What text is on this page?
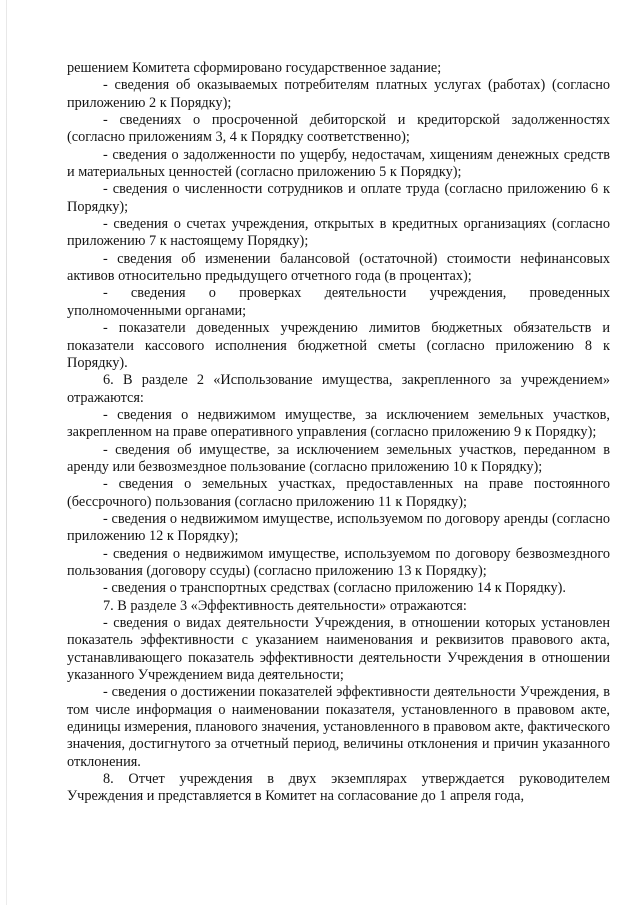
решением Комитета сформировано государственное задание;

- сведения об оказываемых потребителям платных услугах (работах) (согласно приложению 2 к Порядку);

- сведениях о просроченной дебиторской и кредиторской задолженностях (согласно приложениям 3, 4 к Порядку соответственно);

- сведения о задолженности по ущербу, недостачам, хищениям денежных средств и материальных ценностей (согласно приложению 5 к Порядку);

- сведения о численности сотрудников и оплате труда (согласно приложению 6 к Порядку);

- сведения о счетах учреждения, открытых в кредитных организациях (согласно приложению 7 к настоящему Порядку);

- сведения об изменении балансовой (остаточной) стоимости нефинансовых активов относительно предыдущего отчетного года (в процентах);

- сведения о проверках деятельности учреждения, проведенных уполномоченными органами;

- показатели доведенных учреждению лимитов бюджетных обязательств и показатели кассового исполнения бюджетной сметы (согласно приложению 8 к Порядку).

6. В разделе 2 «Использование имущества, закрепленного за учреждением» отражаются:

- сведения о недвижимом имуществе, за исключением земельных участков, закрепленном на праве оперативного управления (согласно приложению 9 к Порядку);

- сведения об имуществе, за исключением земельных участков, переданном в аренду или безвозмездное пользование (согласно приложению 10 к Порядку);

- сведения о земельных участках, предоставленных на праве постоянного (бессрочного) пользования (согласно приложению 11 к Порядку);

- сведения о недвижимом имуществе, используемом по договору аренды (согласно приложению 12 к Порядку);

- сведения о недвижимом имуществе, используемом по договору безвозмездного пользования (договору ссуды) (согласно приложению 13 к Порядку);

- сведения о транспортных средствах (согласно приложению 14 к Порядку).

7. В разделе 3 «Эффективность деятельности» отражаются:

- сведения о видах деятельности Учреждения, в отношении которых установлен показатель эффективности с указанием наименования и реквизитов правового акта, устанавливающего показатель эффективности деятельности Учреждения в отношении указанного Учреждением вида деятельности;

- сведения о достижении показателей эффективности деятельности Учреждения, в том числе информация о наименовании показателя, установленного в правовом акте, единицы измерения, планового значения, установленного в правовом акте, фактического значения, достигнутого за отчетный период, величины отклонения и причин указанного отклонения.

8. Отчет учреждения в двух экземплярах утверждается руководителем Учреждения и представляется в Комитет на согласование до 1 апреля года,
